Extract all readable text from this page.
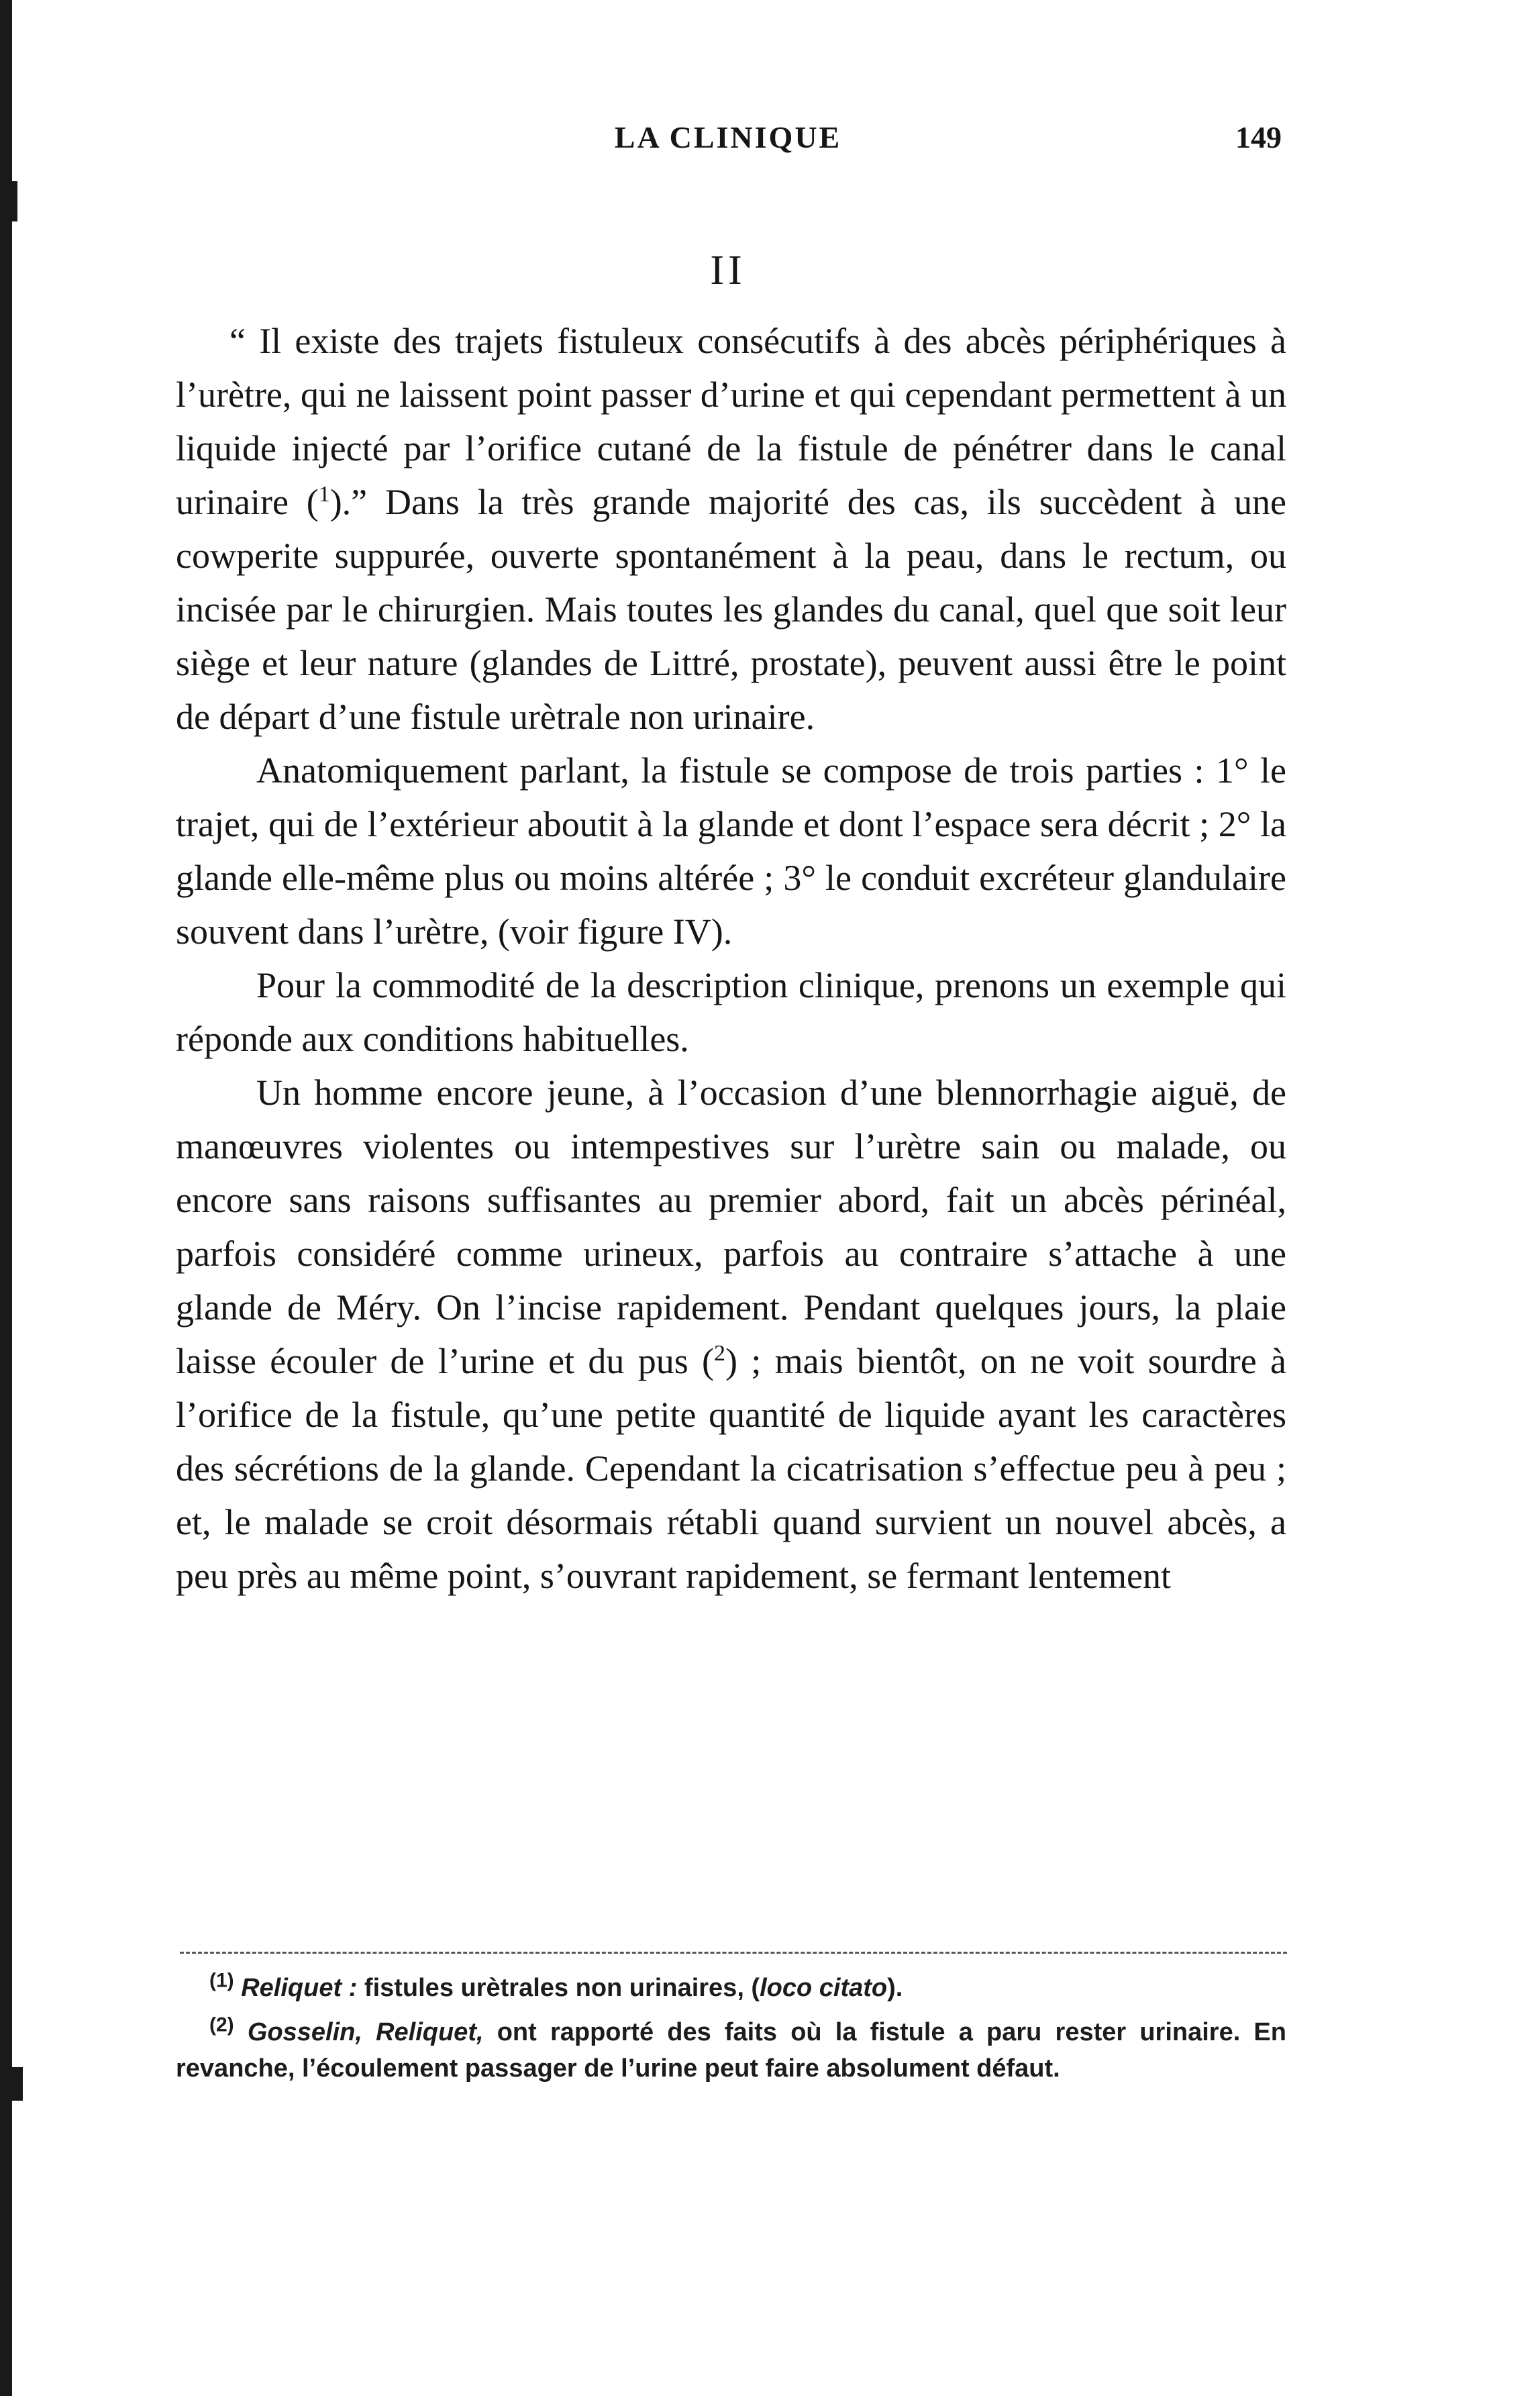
LA CLINIQUE	149
II

“ Il existe des trajets fistuleux consécutifs à des abcès périphériques à l’urètre, qui ne laissent point passer d’urine et qui cependant permettent à un liquide injecté par l’orifice cutané de la fistule de pénétrer dans le canal urinaire ($^1$).” Dans la très grande majorité des cas, ils succèdent à une cowperite suppurée, ouverte spontanément à la peau, dans le rectum, ou incisée par le chirurgien. Mais toutes les glandes du canal, quel que soit leur siège et leur nature (glandes de Littré, prostate), peuvent aussi être le point de départ d’une fistule urètrale non urinaire.

Anatomiquement parlant, la fistule se compose de trois parties : 1° le trajet, qui de l’extérieur aboutit à la glande et dont l’espace sera décrit ; 2° la glande elle-même plus ou moins altérée ; 3° le conduit excréteur glandulaire souvent dans l’urètre, (voir figure IV).

Pour la commodité de la description clinique, prenons un exemple qui réponde aux conditions habituelles.

Un homme encore jeune, à l’occasion d’une blennorrhagie aiguë, de manœuvres violentes ou intempestives sur l’urètre sain ou malade, ou encore sans raisons suffisantes au premier abord, fait un abcès périnéal, parfois considéré comme urineux, parfois au contraire s’attache à une glande de Méry. On l’incise rapidement. Pendant quelques jours, la plaie laisse écouler de l’urine et du pus ($^2$) ; mais bientôt, on ne voit sourdre à l’orifice de la fistule, qu’une petite quantité de liquide ayant les caractères des sécrétions de la glande. Cependant la cicatrisation s’effectue peu à peu ; et, le malade se croit désormais rétabli quand survient un nouvel abcès, a peu près au même point, s’ouvrant rapidement, se fermant lentement

$^{(1)}$ Reliquet : fistules urètrales non urinaires, (loco citato).

$^{(2)}$ Gosselin, Reliquet, ont rapporté des faits où la fistule a paru rester urinaire. En revanche, l’écoulement passager de l’urine peut faire absolument défaut.
